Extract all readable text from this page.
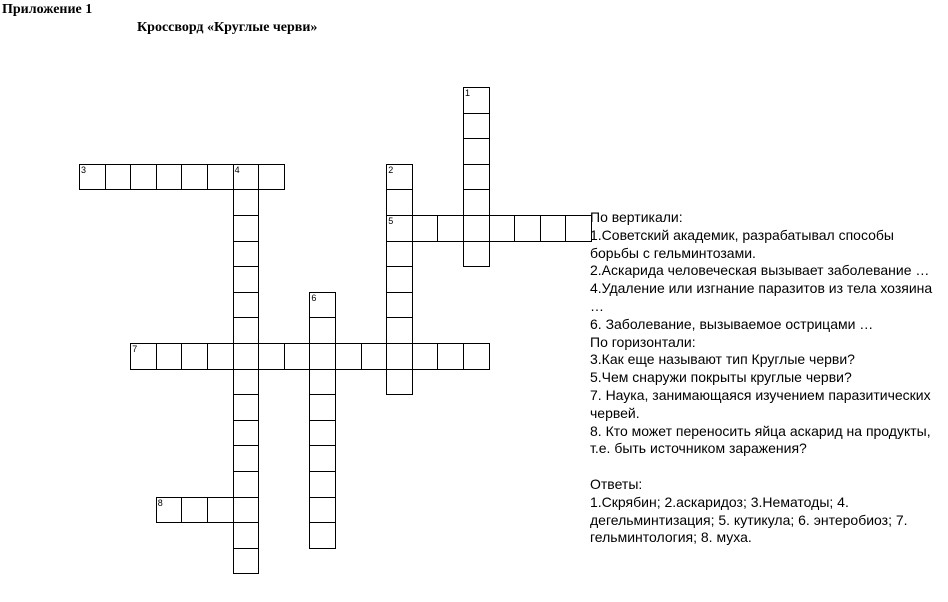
Приложение 1
Кроссворд «Круглые черви»
1
2
5
3	4
6
7
8
По вертикали:
1.Советский академик, разрабатывал способы борьбы с гельминтозами.
2.Аскарида человеческая вызывает заболевание …
4.Удаление или изгнание паразитов из тела хозяина …
6. Заболевание, вызываемое острицами …
По горизонтали:
3.Как еще называют тип Круглые черви?
5.Чем снаружи покрыты круглые черви?
7. Наука, занимающаяся изучением паразитических червей.
8. Кто может переносить яйца аскарид на продукты, т.е. быть источником заражения?
Ответы:
1.Скрябин; 2.аскаридоз; 3.Нематоды; 4. дегельминтизация; 5. кутикула; 6. энтеробиоз; 7. гельминтология; 8. муха.
